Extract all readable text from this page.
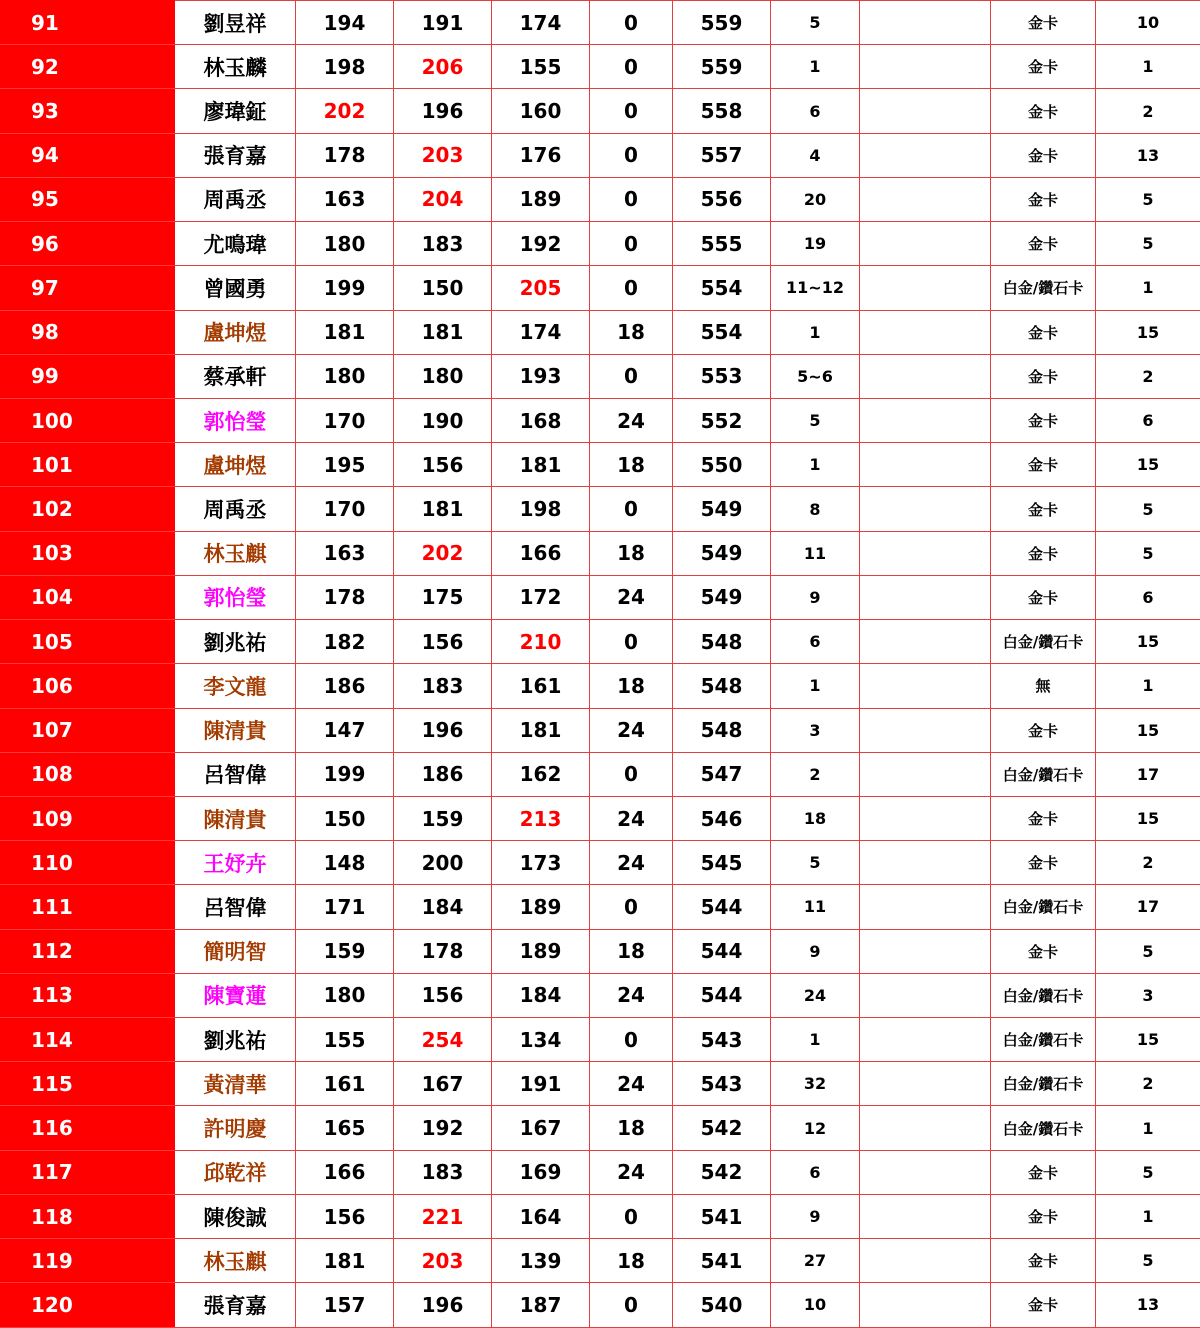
91	劉昱祥	194	191	174	0	559	5		金卡	10
92	林玉麟	198	206	155	0	559	1		金卡	1
93	廖瑋鉦	202	196	160	0	558	6		金卡	2
94	張育嘉	178	203	176	0	557	4		金卡	13
95	周禹丞	163	204	189	0	556	20		金卡	5
96	尤鳴瑋	180	183	192	0	555	19		金卡	5
97	曾國勇	199	150	205	0	554	11~12		白金/鑽石卡	1
98	盧坤煜	181	181	174	18	554	1		金卡	15
99	蔡承軒	180	180	193	0	553	5~6		金卡	2
100	郭怡瑩	170	190	168	24	552	5		金卡	6
101	盧坤煜	195	156	181	18	550	1		金卡	15
102	周禹丞	170	181	198	0	549	8		金卡	5
103	林玉麒	163	202	166	18	549	11		金卡	5
104	郭怡瑩	178	175	172	24	549	9		金卡	6
105	劉兆祐	182	156	210	0	548	6		白金/鑽石卡	15
106	李文龍	186	183	161	18	548	1		無	1
107	陳清貴	147	196	181	24	548	3		金卡	15
108	呂智偉	199	186	162	0	547	2		白金/鑽石卡	17
109	陳清貴	150	159	213	24	546	18		金卡	15
110	王妤卉	148	200	173	24	545	5		金卡	2
111	呂智偉	171	184	189	0	544	11		白金/鑽石卡	17
112	簡明智	159	178	189	18	544	9		金卡	5
113	陳寶蓮	180	156	184	24	544	24		白金/鑽石卡	3
114	劉兆祐	155	254	134	0	543	1		白金/鑽石卡	15
115	黃清華	161	167	191	24	543	32		白金/鑽石卡	2
116	許明慶	165	192	167	18	542	12		白金/鑽石卡	1
117	邱乾祥	166	183	169	24	542	6		金卡	5
118	陳俊誠	156	221	164	0	541	9		金卡	1
119	林玉麒	181	203	139	18	541	27		金卡	5
120	張育嘉	157	196	187	0	540	10		金卡	13
